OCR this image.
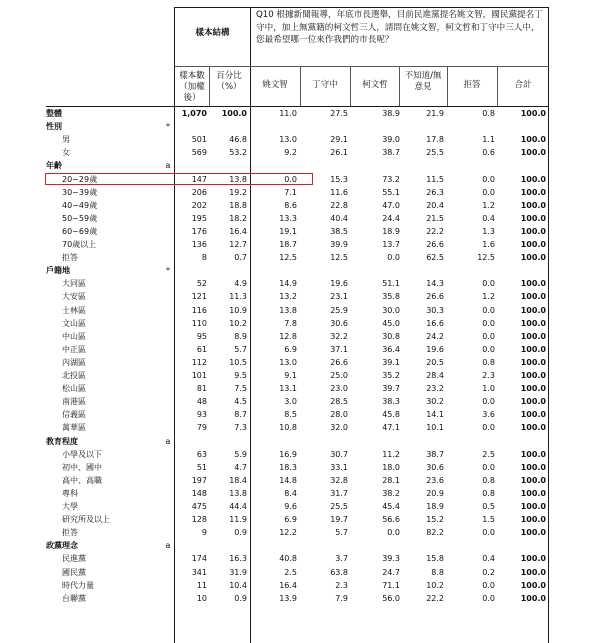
樣本結構
Q10 根據新聞報導，年底市長選舉，目前民進黨提名姚文智，國民黨提名丁守中，加上無黨籍的柯文哲三人，請問在姚文智，柯文哲和丁守中三人中，您最希望哪一位來作我們的市長呢？
樣本數（加權後）
百分比（%）	姚文智	丁守中	柯文哲
不知道/無意見	拒答	合計
整體	1,070	100.0	11.0	27.5	38.9	21.9	0.8	100.0
性別	*
男	501	46.8	13.0	29.1	39.0	17.8	1.1	100.0
女	569	53.2	9.2	26.1	38.7	25.5	0.6	100.0
年齡	a
20~29歲	147	13.8	0.0	15.3	73.2	11.5	0.0	100.0
30~39歲	206	19.2	7.1	11.6	55.1	26.3	0.0	100.0
40~49歲	202	18.8	8.6	22.8	47.0	20.4	1.2	100.0
50~59歲	195	18.2	13.3	40.4	24.4	21.5	0.4	100.0
60~69歲	176	16.4	19.1	38.5	18.9	22.2	1.3	100.0
70歲以上	136	12.7	18.7	39.9	13.7	26.6	1.6	100.0
拒答	8	0.7	12.5	12.5	0.0	62.5	12.5	100.0
戶籍地	*
大同區	52	4.9	14.9	19.6	51.1	14.3	0.0	100.0
大安區	121	11.3	13.2	23.1	35.8	26.6	1.2	100.0
士林區	116	10.9	13.8	25.9	30.0	30.3	0.0	100.0
文山區	110	10.2	7.8	30.6	45.0	16.6	0.0	100.0
中山區	95	8.9	12.8	32.2	30.8	24.2	0.0	100.0
中正區	61	5.7	6.9	37.1	36.4	19.6	0.0	100.0
內湖區	112	10.5	13.0	26.6	39.1	20.5	0.8	100.0
北投區	101	9.5	9.1	25.0	35.2	28.4	2.3	100.0
松山區	81	7.5	13.1	23.0	39.7	23.2	1.0	100.0
南港區	48	4.5	3.0	28.5	38.3	30.2	0.0	100.0
信義區	93	8.7	8.5	28.0	45.8	14.1	3.6	100.0
萬華區	79	7.3	10.8	32.0	47.1	10.1	0.0	100.0
教育程度	a
小學及以下	63	5.9	16.9	30.7	11.2	38.7	2.5	100.0
初中、國中	51	4.7	18.3	33.1	18.0	30.6	0.0	100.0
高中、高職	197	18.4	14.8	32.8	28.1	23.6	0.8	100.0
專科	148	13.8	8.4	31.7	38.2	20.9	0.8	100.0
大學	475	44.4	9.6	25.5	45.4	18.9	0.5	100.0
研究所及以上	128	11.9	6.9	19.7	56.6	15.2	1.5	100.0
拒答	9	0.9	12.2	5.7	0.0	82.2	0.0	100.0
政黨理念	a
民進黨	174	16.3	40.8	3.7	39.3	15.8	0.4	100.0
國民黨	341	31.9	2.5	63.8	24.7	8.8	0.2	100.0
時代力量	11	10.4	16.4	2.3	71.1	10.2	0.0	100.0
台聯黨	10	0.9	13.9	7.9	56.0	22.2	0.0	100.0
